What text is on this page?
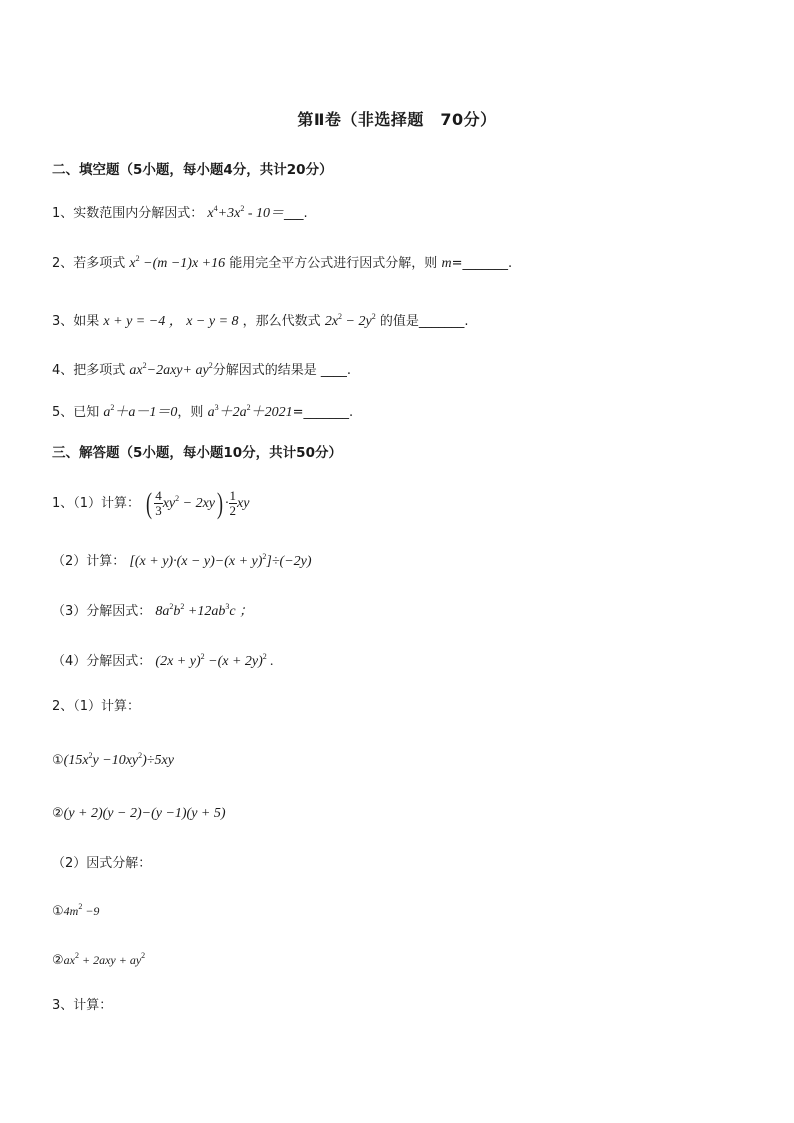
第Ⅱ卷（非选择题　70分）
二、填空题（5小题，每小题4分，共计20分）
1、实数范围内分解因式： $x^4+3x^2$ - 10＝___.
2、若多项式 $x^2 -(m -1)x +16$ 能用完全平方公式进行因式分解，则 m=_______.
3、如果 x + y = −4 ， x − y = 8 ，那么代数式 $2x^2 - 2y^2$ 的值是_______.
4、把多项式 $ax^2-2axy+ ay^2$分解因式的结果是 ____.
5、已知 $a^2+a-1=0$，则 $a^3+2a^2+2021=\_\_\_\_\_\_\_$.
三、解答题（5小题，每小题10分，共计50分）
1、（1）计算： ( $\frac{4}{3} xy^2 - 2xy) \cdot \frac{1}{2}$ xy
（2）计算： $[(x + y)\cdot(x - y)-(x + y)^2]\div(-2y)$
（3）分解因式： $8a^2b^2 +12ab^3c$ ；
（4）分解因式： $(2x + y)^2 -(x + 2y)^2$ .
2、（1）计算：
$①(15x^2y -10xy^2)\div 5xy$
②(y + 2)(y − 2)−(y −1)(y + 5)
（2）因式分解：
$①4m^2 -9$
$②ax^2 + 2axy + ay^2$
3、计算：
